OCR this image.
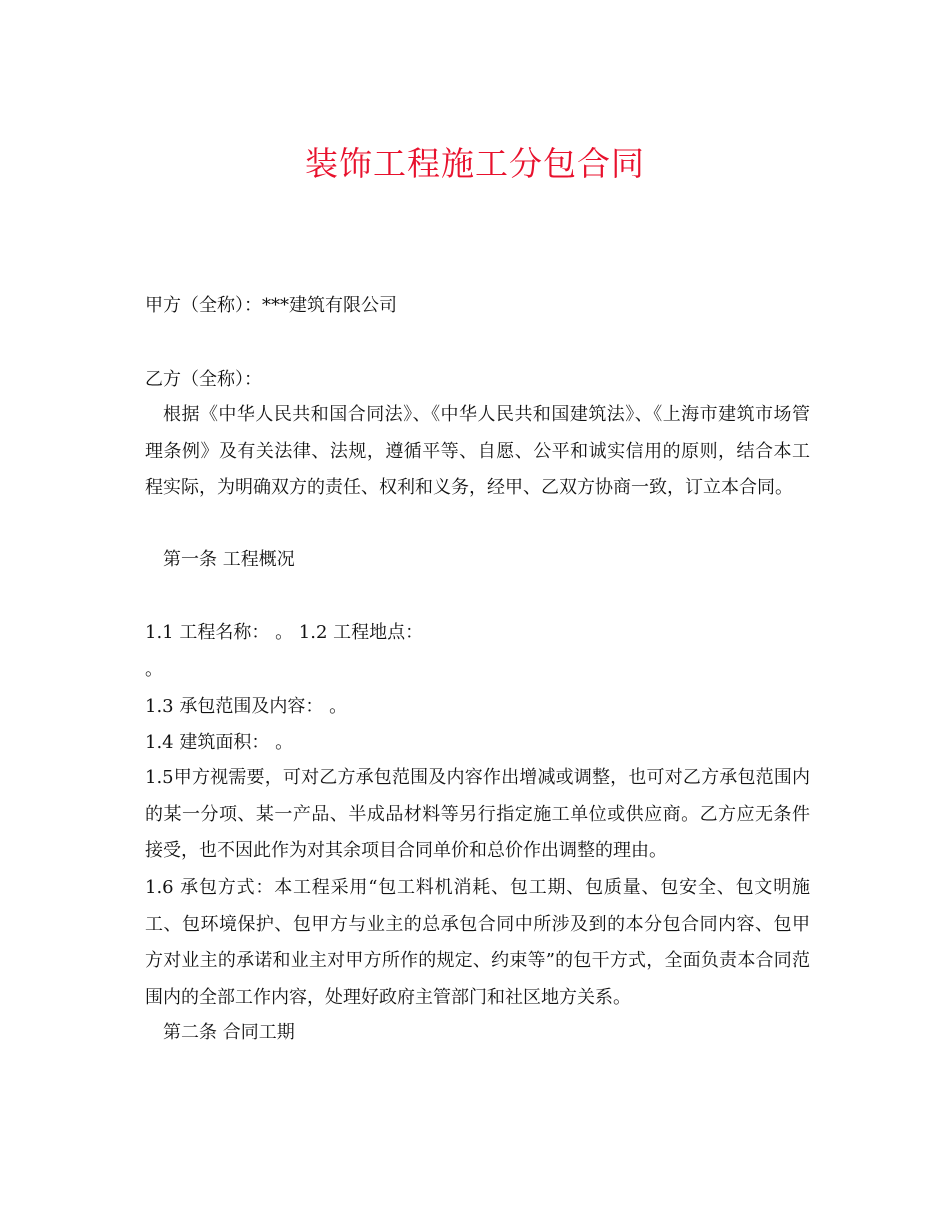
装饰工程施工分包合同
甲方（全称）：***建筑有限公司
乙方（全称）：
根据《中华人民共和国合同法》、《中华人民共和国建筑法》、《上海市建筑市场管理条例》及有关法律、法规，遵循平等、自愿、公平和诚实信用的原则，结合本工程实际，为明确双方的责任、权利和义务，经甲、乙双方协商一致，订立本合同。
第一条 工程概况
1.1 工程名称： 。 1.2 工程地点：
。
1.3 承包范围及内容： 。
1.4 建筑面积： 。
1.5甲方视需要，可对乙方承包范围及内容作出增减或调整，也可对乙方承包范围内的某一分项、某一产品、半成品材料等另行指定施工单位或供应商。乙方应无条件接受，也不因此作为对其余项目合同单价和总价作出调整的理由。
1.6 承包方式：本工程采用“包工料机消耗、包工期、包质量、包安全、包文明施工、包环境保护、包甲方与业主的总承包合同中所涉及到的本分包合同内容、包甲方对业主的承诺和业主对甲方所作的规定、约束等”的包干方式，全面负责本合同范围内的全部工作内容，处理好政府主管部门和社区地方关系。
第二条 合同工期
